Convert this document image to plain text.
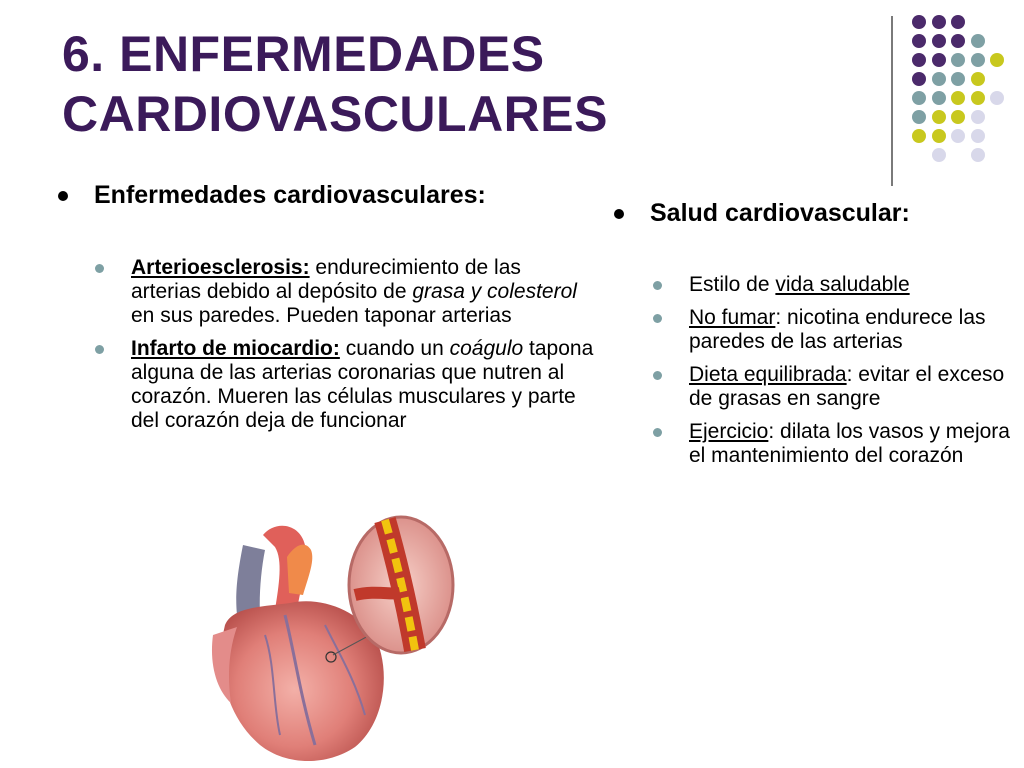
6. ENFERMEDADES
CARDIOVASCULARES
Enfermedades cardiovasculares:
Arterioesclerosis: endurecimiento de las arterias debido al depósito de grasa y colesterol en sus paredes. Pueden taponar arterias
Infarto de miocardio: cuando un coágulo tapona alguna de las arterias coronarias que nutren al corazón. Mueren las células musculares y parte del corazón deja de funcionar
Salud cardiovascular:
Estilo de vida saludable
No fumar: nicotina endurece las paredes de las arterias
Dieta equilibrada: evitar el exceso de grasas en sangre
Ejercicio: dilata los vasos y mejora el mantenimiento del corazón
